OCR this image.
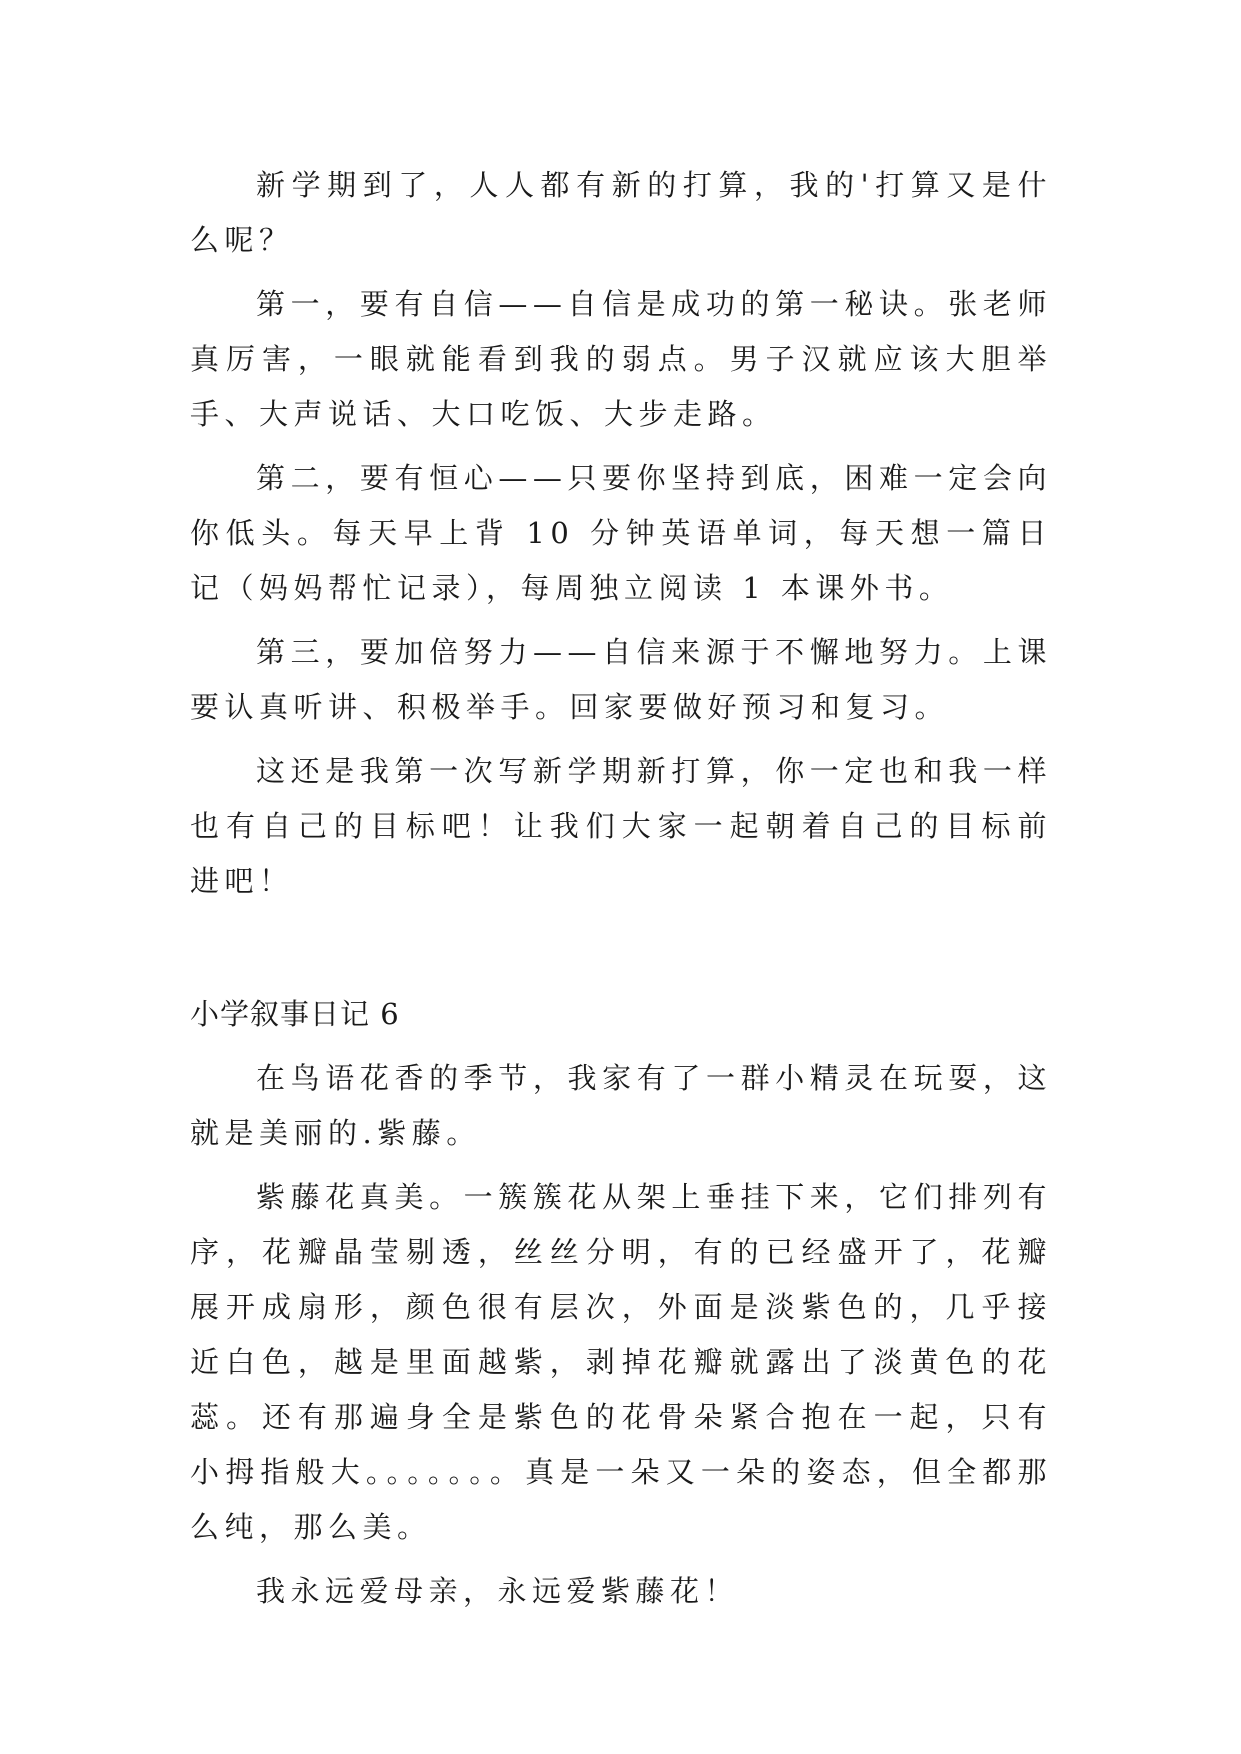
新学期到了，人人都有新的打算，我的'打算又是什么呢？

第一，要有自信——自信是成功的第一秘诀。张老师真厉害，一眼就能看到我的弱点。男子汉就应该大胆举手、大声说话、大口吃饭、大步走路。

第二，要有恒心——只要你坚持到底，困难一定会向你低头。每天早上背 10 分钟英语单词，每天想一篇日记（妈妈帮忙记录），每周独立阅读 1 本课外书。

第三，要加倍努力——自信来源于不懈地努力。上课要认真听讲、积极举手。回家要做好预习和复习。

这还是我第一次写新学期新打算，你一定也和我一样也有自己的目标吧！让我们大家一起朝着自己的目标前进吧！

小学叙事日记 6

在鸟语花香的季节，我家有了一群小精灵在玩耍，这就是美丽的.紫藤。

紫藤花真美。一簇簇花从架上垂挂下来，它们排列有序，花瓣晶莹剔透，丝丝分明，有的已经盛开了，花瓣展开成扇形，颜色很有层次，外面是淡紫色的，几乎接近白色，越是里面越紫，剥掉花瓣就露出了淡黄色的花蕊。还有那遍身全是紫色的花骨朵紧合抱在一起，只有小拇指般大。。。。。。。真是一朵又一朵的姿态，但全都那么纯，那么美。

我永远爱母亲，永远爱紫藤花！
